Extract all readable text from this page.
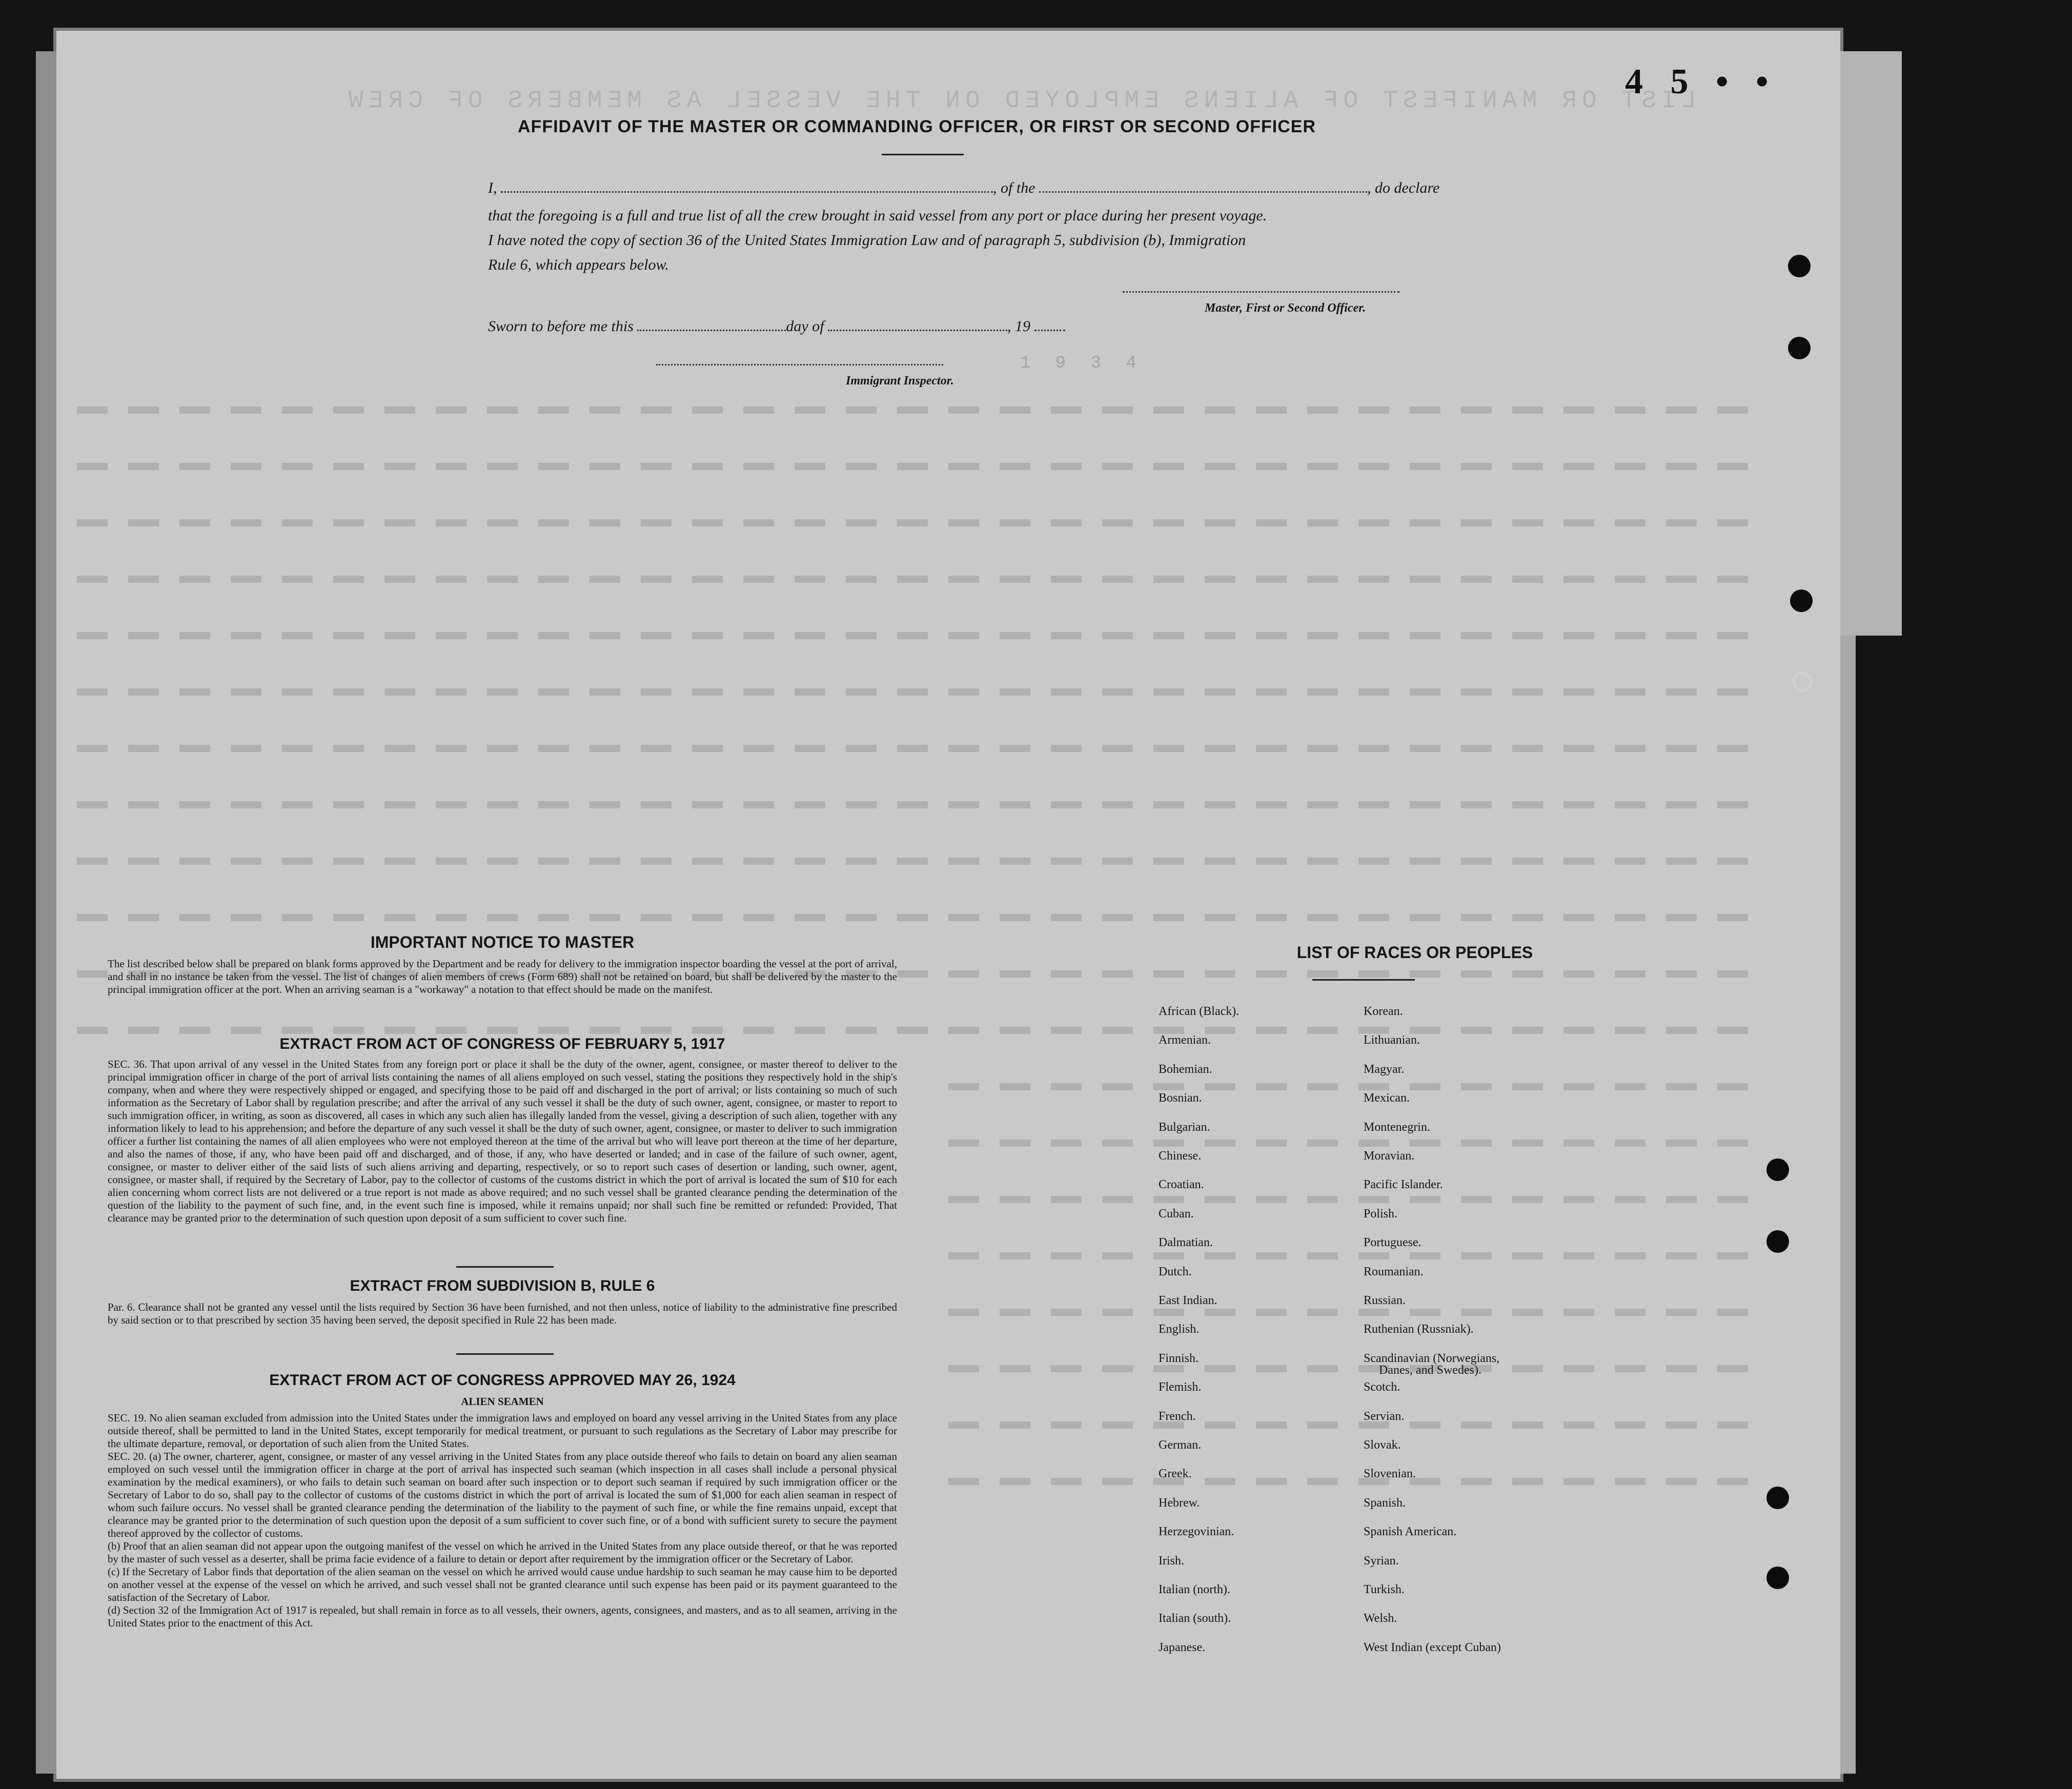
LIST OR MANIFEST OF ALIENS EMPLOYED ON THE VESSEL AS MEMBERS OF CREW
1 9 3 4
4 5 • •
AFFIDAVIT OF THE MASTER OR COMMANDING OFFICER, OR FIRST OR SECOND OFFICER
I,	, of the	, do declare
that the foregoing is a full and true list of all the crew brought in said vessel from any port or place during her present voyage.
I have noted the copy of section 36 of the United States Immigration Law and of paragraph 5, subdivision (b), Immigration
Rule 6, which appears below.
Master, First or Second Officer.
Sworn to before me this	day of	, 19
Immigrant Inspector.
IMPORTANT NOTICE TO MASTER
The list described below shall be prepared on blank forms approved by the Department and be ready for delivery to the immigration inspector boarding the vessel at the port of arrival, and shall in no instance be taken from the vessel. The list of changes of alien members of crews (Form 689) shall not be retained on board, but shall be delivered by the master to the principal immigration officer at the port. When an arriving seaman is a "workaway" a notation to that effect should be made on the manifest.
EXTRACT FROM ACT OF CONGRESS OF FEBRUARY 5, 1917
SEC. 36. That upon arrival of any vessel in the United States from any foreign port or place it shall be the duty of the owner, agent, consignee, or master thereof to deliver to the principal immigration officer in charge of the port of arrival lists containing the names of all aliens employed on such vessel, stating the positions they respectively hold in the ship's company, when and where they were respectively shipped or engaged, and specifying those to be paid off and discharged in the port of arrival; or lists containing so much of such information as the Secretary of Labor shall by regulation prescribe; and after the arrival of any such vessel it shall be the duty of such owner, agent, consignee, or master to report to such immigration officer, in writing, as soon as discovered, all cases in which any such alien has illegally landed from the vessel, giving a description of such alien, together with any information likely to lead to his apprehension; and before the departure of any such vessel it shall be the duty of such owner, agent, consignee, or master to deliver to such immigration officer a further list containing the names of all alien employees who were not employed thereon at the time of the arrival but who will leave port thereon at the time of her departure, and also the names of those, if any, who have been paid off and discharged, and of those, if any, who have deserted or landed; and in case of the failure of such owner, agent, consignee, or master to deliver either of the said lists of such aliens arriving and departing, respectively, or so to report such cases of desertion or landing, such owner, agent, consignee, or master shall, if required by the Secretary of Labor, pay to the collector of customs of the customs district in which the port of arrival is located the sum of $10 for each alien concerning whom correct lists are not delivered or a true report is not made as above required; and no such vessel shall be granted clearance pending the determination of the question of the liability to the payment of such fine, and, in the event such fine is imposed, while it remains unpaid; nor shall such fine be remitted or refunded: Provided, That clearance may be granted prior to the determination of such question upon deposit of a sum sufficient to cover such fine.
EXTRACT FROM SUBDIVISION B, RULE 6
Par. 6. Clearance shall not be granted any vessel until the lists required by Section 36 have been furnished, and not then unless, notice of liability to the administrative fine prescribed by said section or to that prescribed by section 35 having been served, the deposit specified in Rule 22 has been made.
EXTRACT FROM ACT OF CONGRESS APPROVED MAY 26, 1924
ALIEN SEAMEN
SEC. 19. No alien seaman excluded from admission into the United States under the immigration laws and employed on board any vessel arriving in the United States from any place outside thereof, shall be permitted to land in the United States, except temporarily for medical treatment, or pursuant to such regulations as the Secretary of Labor may prescribe for the ultimate departure, removal, or deportation of such alien from the United States.
SEC. 20. (a) The owner, charterer, agent, consignee, or master of any vessel arriving in the United States from any place outside thereof who fails to detain on board any alien seaman employed on such vessel until the immigration officer in charge at the port of arrival has inspected such seaman (which inspection in all cases shall include a personal physical examination by the medical examiners), or who fails to detain such seaman on board after such inspection or to deport such seaman if required by such immigration officer or the Secretary of Labor to do so, shall pay to the collector of customs of the customs district in which the port of arrival is located the sum of $1,000 for each alien seaman in respect of whom such failure occurs. No vessel shall be granted clearance pending the determination of the liability to the payment of such fine, or while the fine remains unpaid, except that clearance may be granted prior to the determination of such question upon the deposit of a sum sufficient to cover such fine, or of a bond with sufficient surety to secure the payment thereof approved by the collector of customs.
(b) Proof that an alien seaman did not appear upon the outgoing manifest of the vessel on which he arrived in the United States from any place outside thereof, or that he was reported by the master of such vessel as a deserter, shall be prima facie evidence of a failure to detain or deport after requirement by the immigration officer or the Secretary of Labor.
(c) If the Secretary of Labor finds that deportation of the alien seaman on the vessel on which he arrived would cause undue hardship to such seaman he may cause him to be deported on another vessel at the expense of the vessel on which he arrived, and such vessel shall not be granted clearance until such expense has been paid or its payment guaranteed to the satisfaction of the Secretary of Labor.
(d) Section 32 of the Immigration Act of 1917 is repealed, but shall remain in force as to all vessels, their owners, agents, consignees, and masters, and as to all seamen, arriving in the United States prior to the enactment of this Act.
LIST OF RACES OR PEOPLES
Danes, and Swedes).
African (Black).
Armenian.
Bohemian.
Bosnian.
Bulgarian.
Chinese.
Croatian.
Cuban.
Dalmatian.
Dutch.
East Indian.
English.
Finnish.
Flemish.
French.
German.
Greek.
Hebrew.
Herzegovinian.
Irish.
Italian (north).
Italian (south).
Japanese.
Korean.
Lithuanian.
Magyar.
Mexican.
Montenegrin.
Moravian.
Pacific Islander.
Polish.
Portuguese.
Roumanian.
Russian.
Ruthenian (Russniak).
Scandinavian (Norwegians,
Scotch.
Servian.
Slovak.
Slovenian.
Spanish.
Spanish American.
Syrian.
Turkish.
Welsh.
West Indian (except Cuban)
